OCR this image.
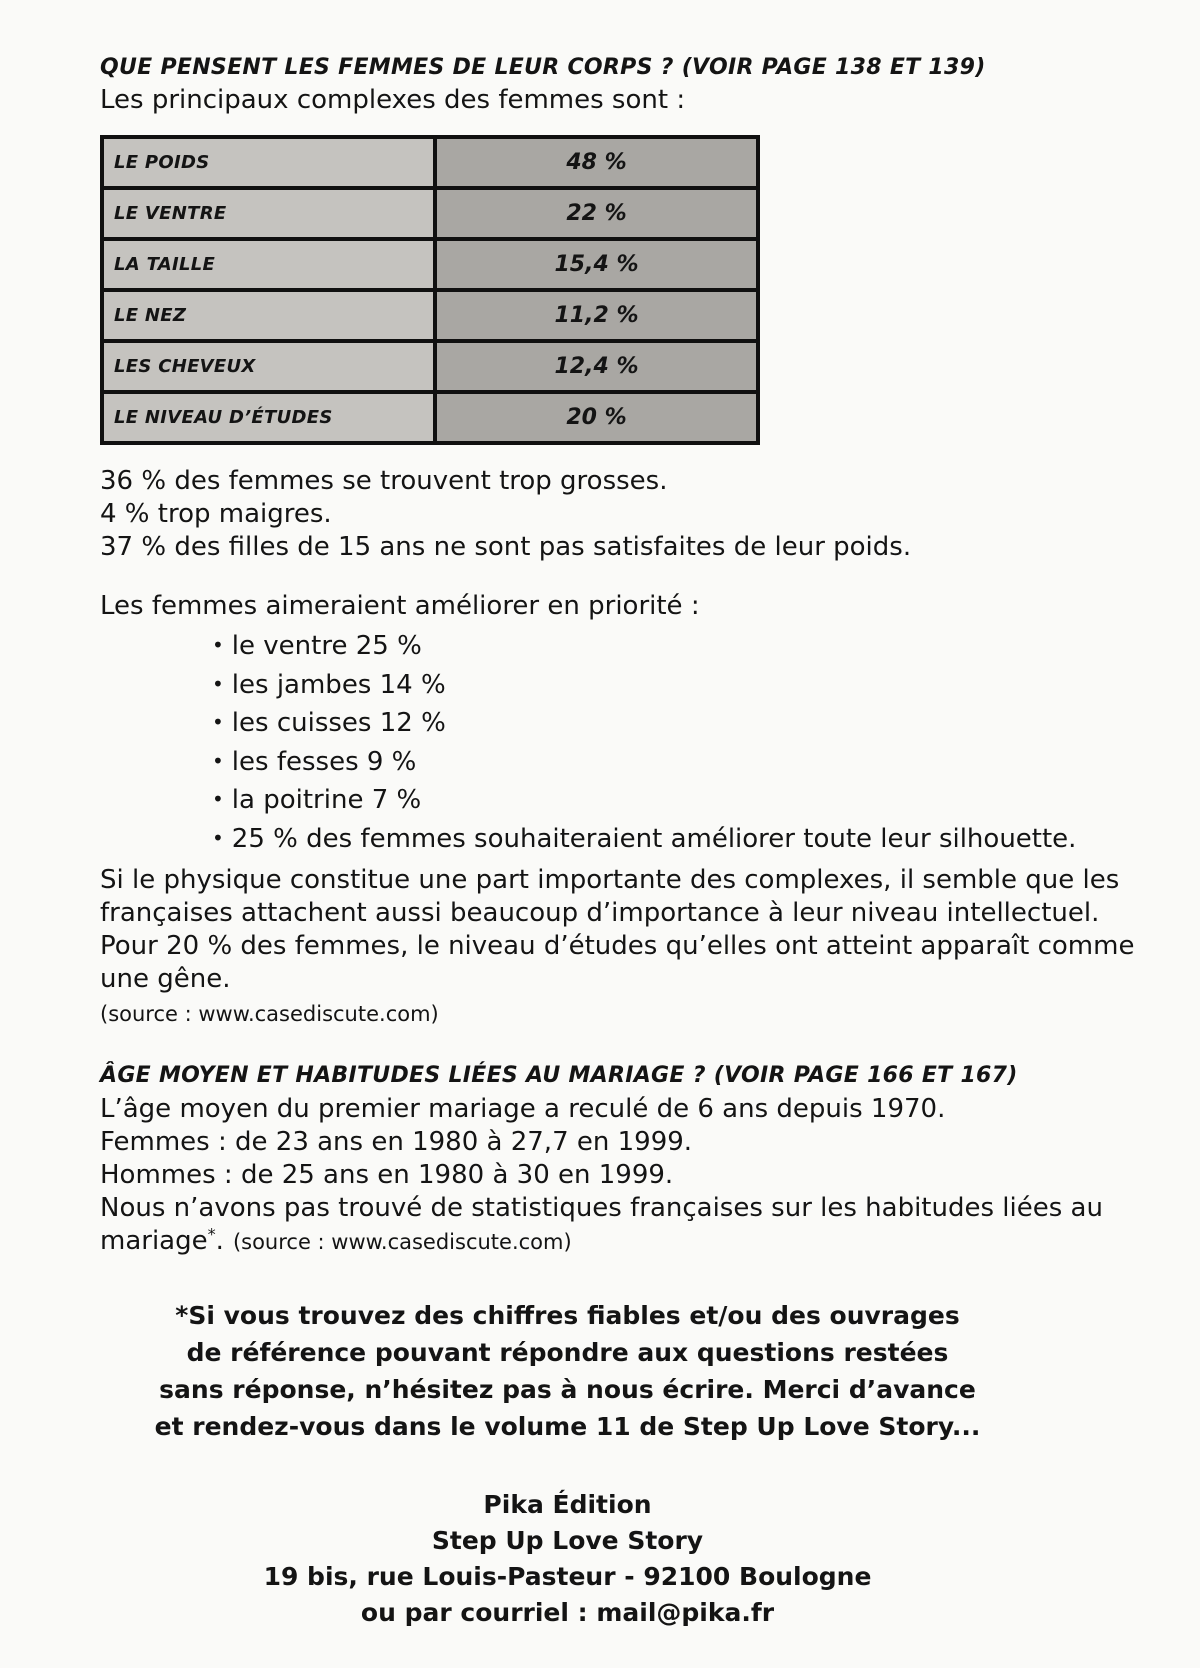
QUE PENSENT LES FEMMES DE LEUR CORPS ? (VOIR PAGE 138 ET 139)
Les principaux complexes des femmes sont :
LE POIDS	48 %
LE VENTRE	22 %
LA TAILLE	15,4 %
LE NEZ	11,2 %
LES CHEVEUX	12,4 %
LE NIVEAU D’ÉTUDES	20 %
36 % des femmes se trouvent trop grosses.
4 % trop maigres.
37 % des filles de 15 ans ne sont pas satisfaites de leur poids.
Les femmes aimeraient améliorer en priorité :
• le ventre 25 %
• les jambes 14 %
• les cuisses 12 %
• les fesses 9 %
• la poitrine 7 %
• 25 % des femmes souhaiteraient améliorer toute leur silhouette.
Si le physique constitue une part importante des complexes, il semble que les
françaises attachent aussi beaucoup d’importance à leur niveau intellectuel.
Pour 20 % des femmes, le niveau d’études qu’elles ont atteint apparaît comme
une gêne.
(source : www.casediscute.com)
ÂGE MOYEN ET HABITUDES LIÉES AU MARIAGE ? (VOIR PAGE 166 ET 167)
L’âge moyen du premier mariage a reculé de 6 ans depuis 1970.
Femmes : de 23 ans en 1980 à 27,7 en 1999.
Hommes : de 25 ans en 1980 à 30 en 1999.
Nous n’avons pas trouvé de statistiques françaises sur les habitudes liées au
mariage*. (source : www.casediscute.com)
*Si vous trouvez des chiffres fiables et/ou des ouvrages
de référence pouvant répondre aux questions restées
sans réponse, n’hésitez pas à nous écrire. Merci d’avance
et rendez-vous dans le volume 11 de Step Up Love Story...
Pika Édition
Step Up Love Story
19 bis, rue Louis-Pasteur - 92100 Boulogne
ou par courriel : mail@pika.fr
